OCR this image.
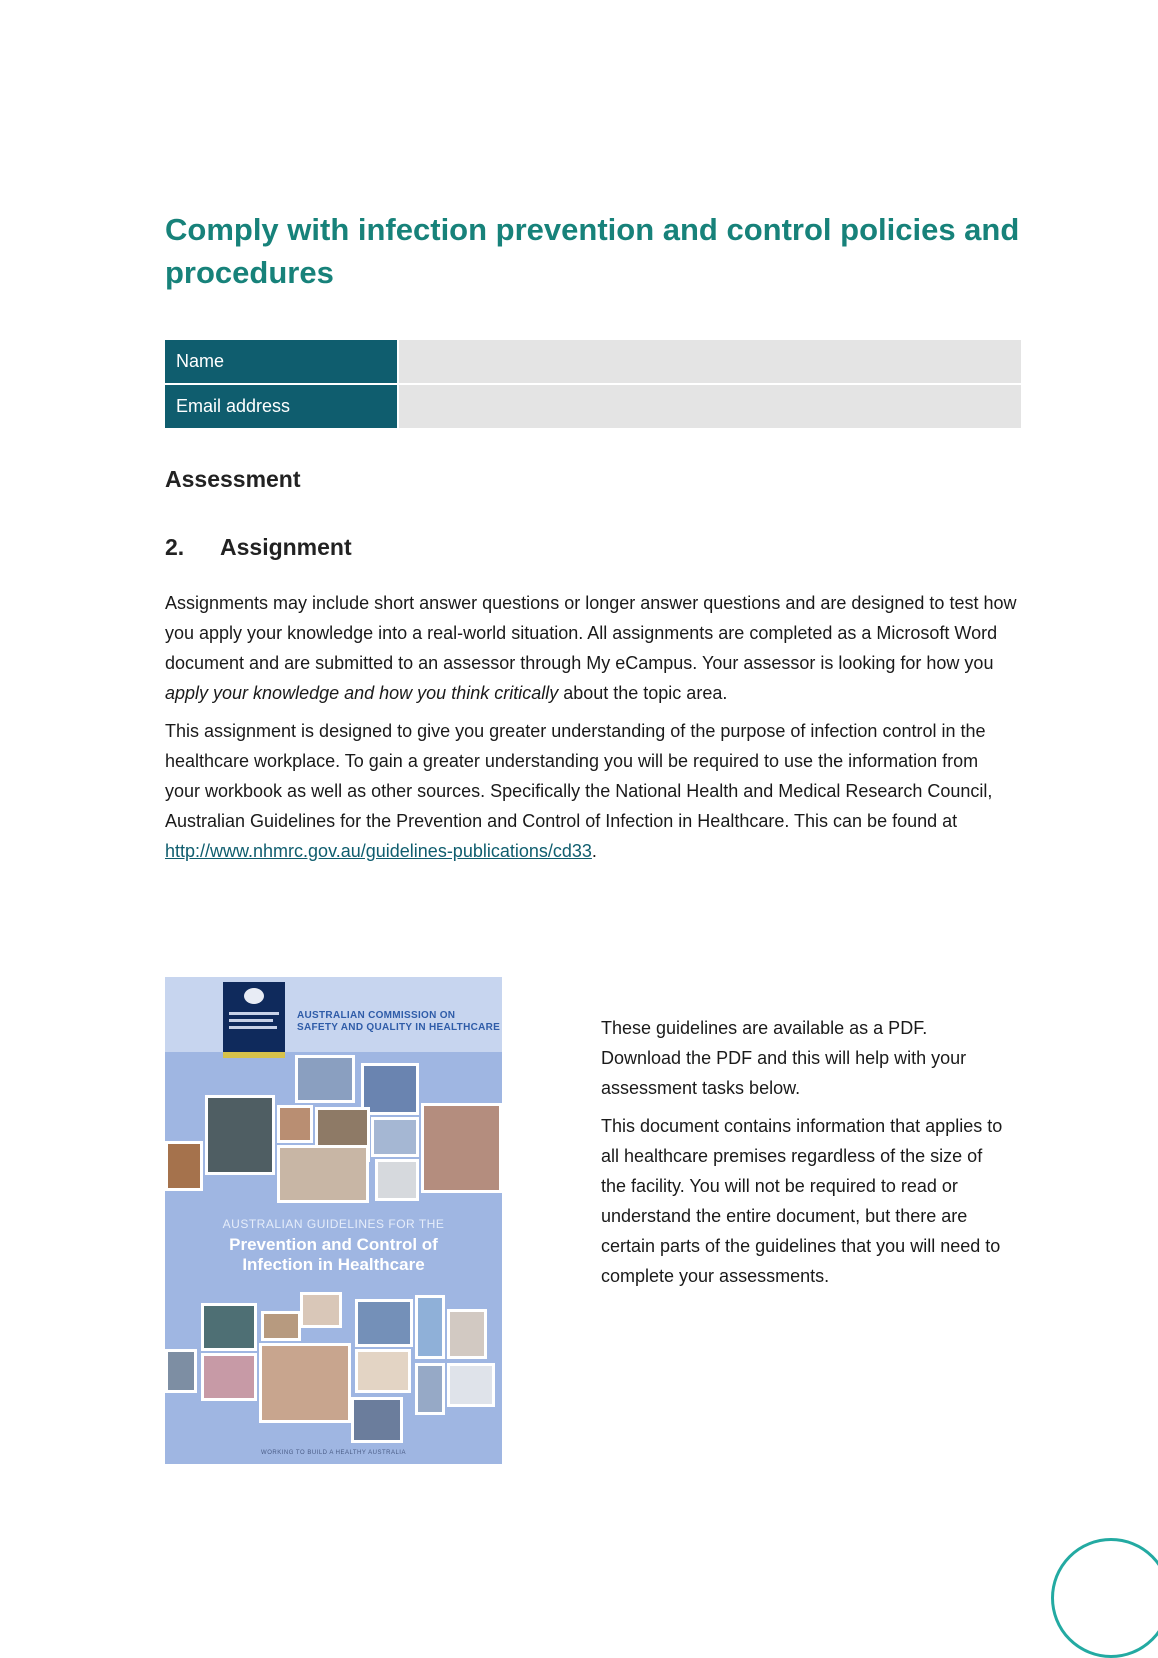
Comply with infection prevention and control policies and procedures
Name	
Email address	
Assessment
2. Assignment

Assignments may include short answer questions or longer answer questions and are designed to test how you apply your knowledge into a real-world situation. All assignments are completed as a Microsoft Word document and are submitted to an assessor through My eCampus. Your assessor is looking for how you apply your knowledge and how you think critically about the topic area.

This assignment is designed to give you greater understanding of the purpose of infection control in the healthcare workplace. To gain a greater understanding you will be required to use the information from your workbook as well as other sources. Specifically the National Health and Medical Research Council, Australian Guidelines for the Prevention and Control of Infection in Healthcare. This can be found at http://www.nhmrc.gov.au/guidelines-publications/cd33.

AUSTRALIAN COMMISSION ON
SAFETY AND QUALITY IN HEALTHCARE
AUSTRALIAN GUIDELINES FOR THE
Prevention and Control of
Infection in Healthcare
WORKING TO BUILD A HEALTHY AUSTRALIA

These guidelines are available as a PDF. Download the PDF and this will help with your assessment tasks below.

This document contains information that applies to all healthcare premises regardless of the size of the facility. You will not be required to read or understand the entire document, but there are certain parts of the guidelines that you will need to complete your assessments.
